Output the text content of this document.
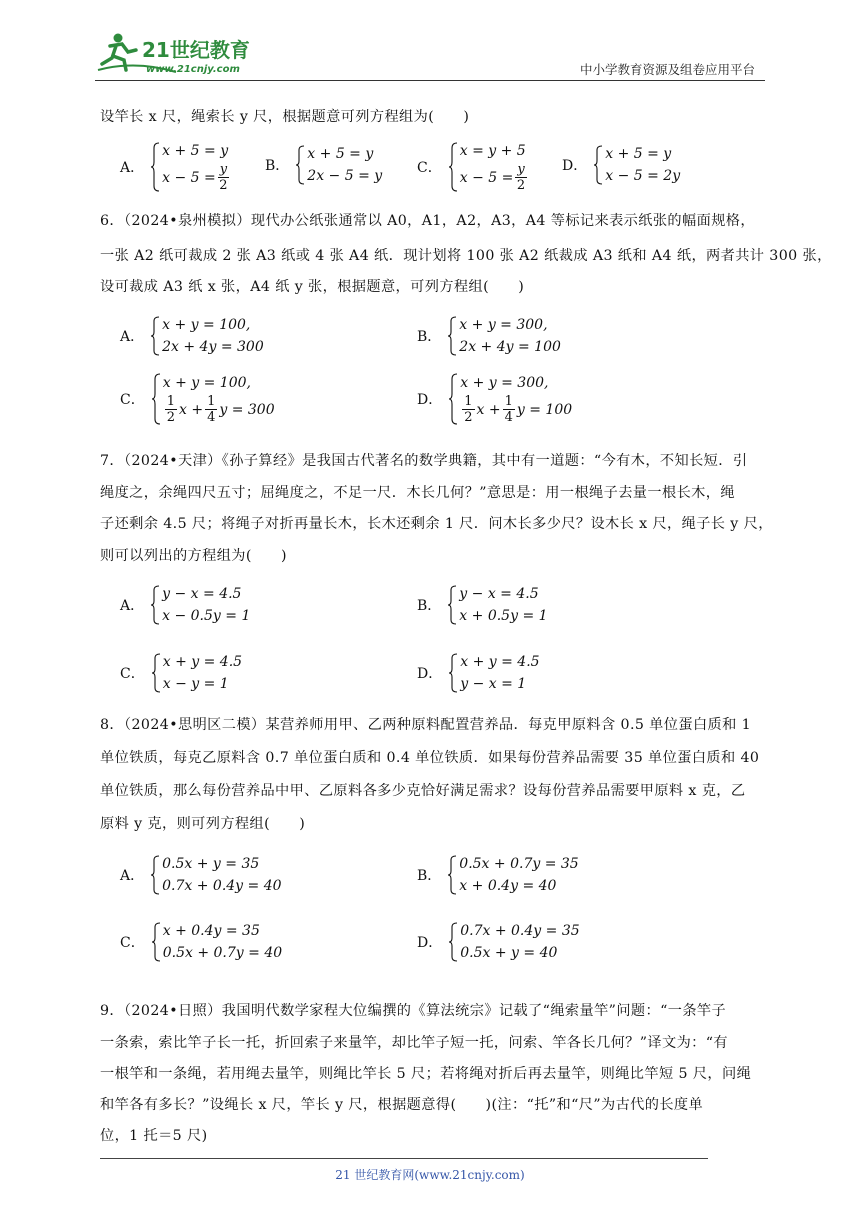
21世纪教育
www.21cnjy.com	中小学教育资源及组卷应用平台
设竿长 x 尺，绳索长 y 尺，根据题意可列方程组为(　　)
A．
x + 5 = y
$x - 5 = \frac{y}{2}$	B．
x + 5 = y
2x − 5 = y
C．
x = y + 5
$x - 5 = \frac{y}{2}$	D．
x + 5 = y
x − 5 = 2y
6．（2024•泉州模拟）现代办公纸张通常以 A0，A1，A2，A3，A4 等标记来表示纸张的幅面规格，
一张 A2 纸可裁成 2 张 A3 纸或 4 张 A4 纸．现计划将 100 张 A2 纸裁成 A3 纸和 A4 纸，两者共计 300 张，
设可裁成 A3 纸 x 张，A4 纸 y 张，根据题意，可列方程组(　　)
A．
x + y = 100,
2x + 4y = 300
B．
x + y = 300,
2x + 4y = 100
C．
x + y = 100,
$\frac{1}{2}$ $x + \frac{1}{4}$ y = 300
D．
x + y = 300,
$\frac{1}{2}$ $x + \frac{1}{4}$ y = 100
7．（2024•天津）《孙子算经》是我国古代著名的数学典籍，其中有一道题：“今有木，不知长短．引
绳度之，余绳四尺五寸；屈绳度之，不足一尺．木长几何？”意思是：用一根绳子去量一根长木，绳
子还剩余 4.5 尺；将绳子对折再量长木，长木还剩余 1 尺．问木长多少尺？设木长 x 尺，绳子长 y 尺，
则可以列出的方程组为(　　)
A．
y − x = 4.5
x − 0.5y = 1
B．
y − x = 4.5
x + 0.5y = 1
C．
x + y = 4.5
x − y = 1
D．
x + y = 4.5
y − x = 1
8．（2024•思明区二模）某营养师用甲、乙两种原料配置营养品．每克甲原料含 0.5 单位蛋白质和 1
单位铁质，每克乙原料含 0.7 单位蛋白质和 0.4 单位铁质．如果每份营养品需要 35 单位蛋白质和 40
单位铁质，那么每份营养品中甲、乙原料各多少克恰好满足需求？设每份营养品需要甲原料 x 克，乙
原料 y 克，则可列方程组(　　)
A．
0.5x + y = 35
0.7x + 0.4y = 40
B．
0.5x + 0.7y = 35
x + 0.4y = 40
C．
x + 0.4y = 35
0.5x + 0.7y = 40
D．
0.7x + 0.4y = 35
0.5x + y = 40
9．（2024•日照）我国明代数学家程大位编撰的《算法统宗》记载了“绳索量竿”问题：“一条竿子
一条索，索比竿子长一托，折回索子来量竿，却比竿子短一托，问索、竿各长几何？”译文为：“有
一根竿和一条绳，若用绳去量竿，则绳比竿长 5 尺；若将绳对折后再去量竿，则绳比竿短 5 尺，问绳
和竿各有多长？”设绳长 x 尺，竿长 y 尺，根据题意得(　　)(注：“托”和“尺”为古代的长度单
位，1 托＝5 尺)
21 世纪教育网(www.21cnjy.com)
